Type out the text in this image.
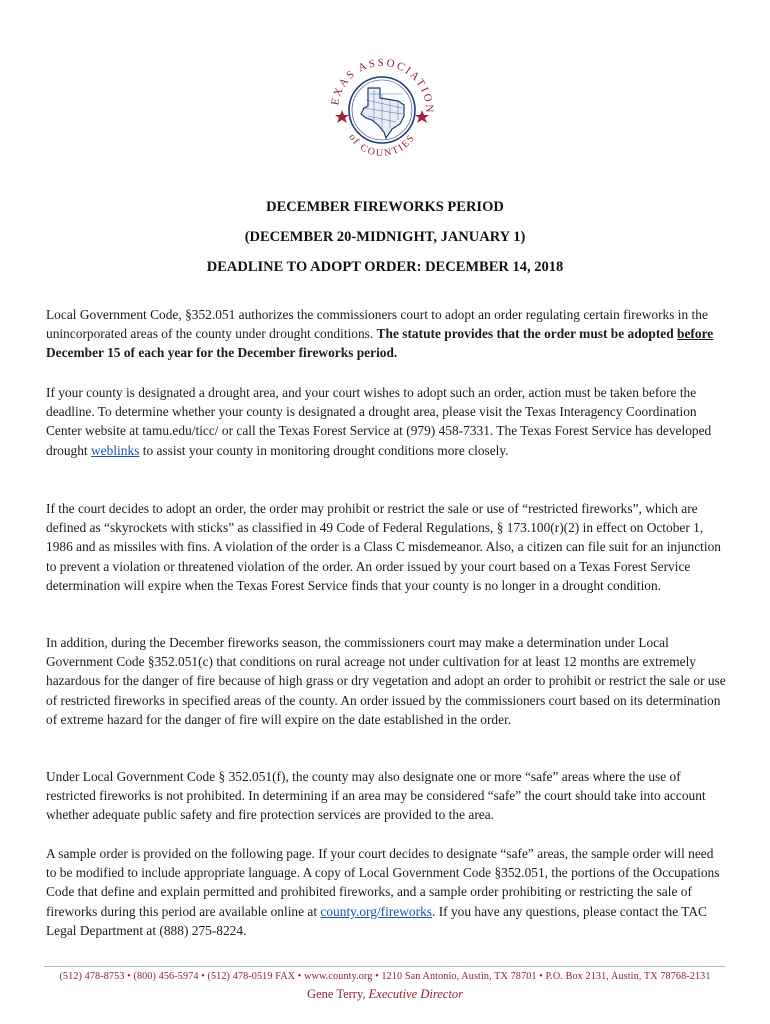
EXAS ASSOCIATION
of COUNTIES
DECEMBER FIREWORKS PERIOD
(DECEMBER 20-MIDNIGHT, JANUARY 1)
DEADLINE TO ADOPT ORDER: DECEMBER 14, 2018

Local Government Code, §352.051 authorizes the commissioners court to adopt an order regulating certain fireworks in the unincorporated areas of the county under drought conditions. The statute provides that the order must be adopted before December 15 of each year for the December fireworks period.

If your county is designated a drought area, and your court wishes to adopt such an order, action must be taken before the deadline. To determine whether your county is designated a drought area, please visit the Texas Interagency Coordination Center website at tamu.edu/ticc/ or call the Texas Forest Service at (979) 458-7331. The Texas Forest Service has developed drought weblinks to assist your county in monitoring drought conditions more closely.

If the court decides to adopt an order, the order may prohibit or restrict the sale or use of “restricted fireworks”, which are defined as “skyrockets with sticks” as classified in 49 Code of Federal Regulations, § 173.100(r)(2) in effect on October 1, 1986 and as missiles with fins. A violation of the order is a Class C misdemeanor. Also, a citizen can file suit for an injunction to prevent a violation or threatened violation of the order. An order issued by your court based on a Texas Forest Service determination will expire when the Texas Forest Service finds that your county is no longer in a drought condition.

In addition, during the December fireworks season, the commissioners court may make a determination under Local Government Code §352.051(c) that conditions on rural acreage not under cultivation for at least 12 months are extremely hazardous for the danger of fire because of high grass or dry vegetation and adopt an order to prohibit or restrict the sale or use of restricted fireworks in specified areas of the county. An order issued by the commissioners court based on its determination of extreme hazard for the danger of fire will expire on the date established in the order.

Under Local Government Code § 352.051(f), the county may also designate one or more “safe” areas where the use of restricted fireworks is not prohibited. In determining if an area may be considered “safe” the court should take into account whether adequate public safety and fire protection services are provided to the area.

A sample order is provided on the following page. If your court decides to designate “safe” areas, the sample order will need to be modified to include appropriate language. A copy of Local Government Code §352.051, the portions of the Occupations Code that define and explain permitted and prohibited fireworks, and a sample order prohibiting or restricting the sale of fireworks during this period are available online at county.org/fireworks. If you have any questions, please contact the TAC Legal Department at (888) 275-8224.

(512) 478-8753 • (800) 456-5974 • (512) 478-0519 FAX • www.county.org • 1210 San Antonio, Austin, TX 78701 • P.O. Box 2131, Austin, TX 78768-2131
Gene Terry, Executive Director
